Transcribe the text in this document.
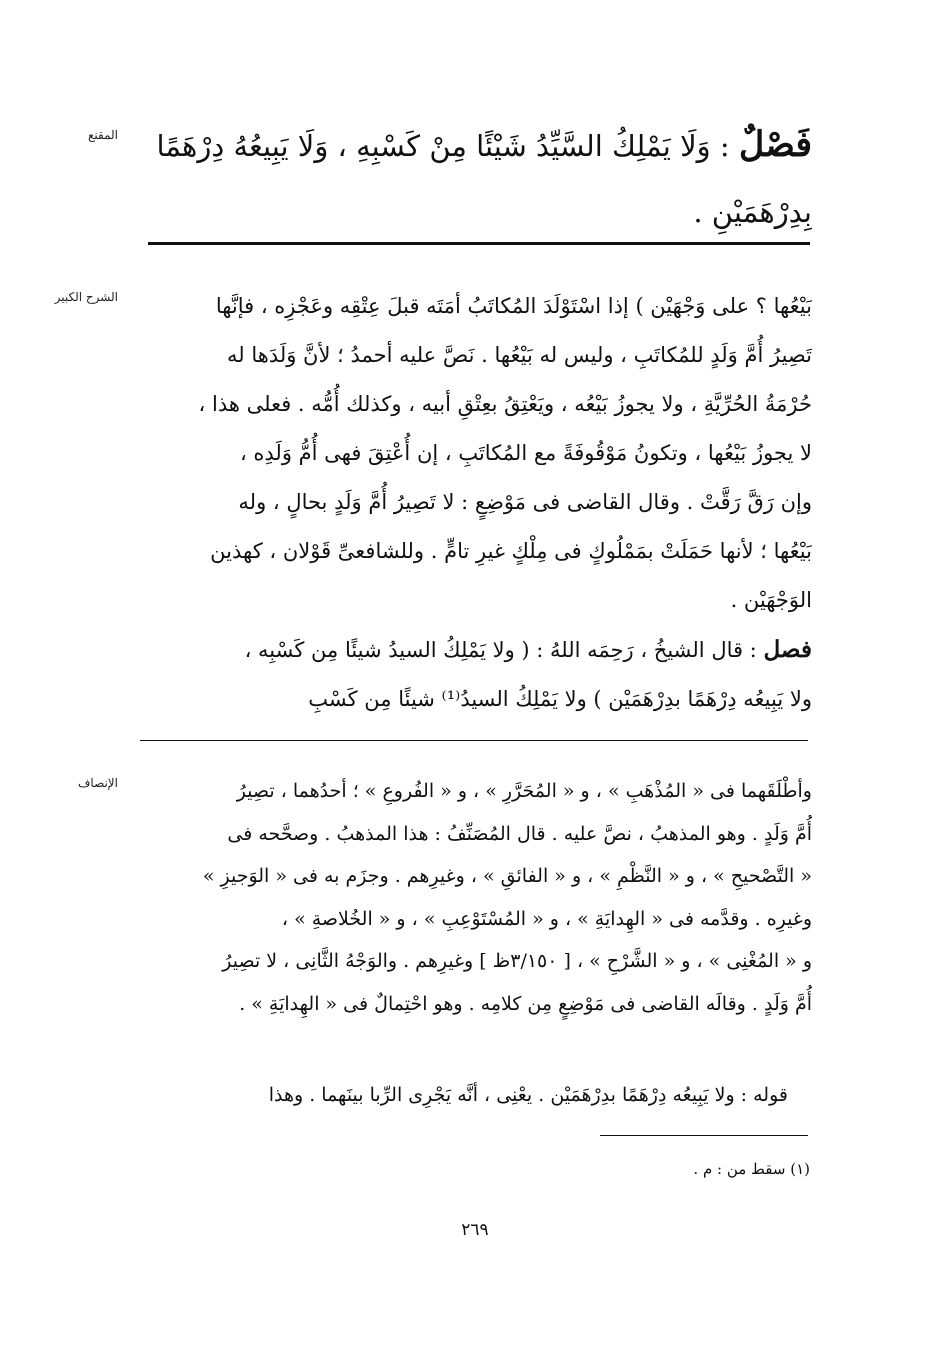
المقنع	فَصْلٌ : وَلَا يَمْلِكُ السَّيِّدُ شَيْئًا مِنْ كَسْبِهِ ، وَلَا يَبِيعُهُ دِرْهَمًا
بِدِرْهَمَيْنِ .
الشرح الكبير	بَيْعُها ؟ على وَجْهَيْن ) إذا اسْتَوْلَدَ المُكاتَبُ أمَتَه قبلَ عِتْقِه وعَجْزِه ، فإنَّها
تَصِيرُ أُمَّ وَلَدٍ للمُكاتَبِ ، وليس له بَيْعُها . نَصَّ عليه أحمدُ ؛ لأنَّ وَلَدَها له
حُرْمَةُ الحُرِّيَّةِ ، ولا يجوزُ بَيْعُه ، ويَعْتِقُ بعِتْقِ أبيه ، وكذلك أُمُّه . فعلى هذا ،
لا يجوزُ بَيْعُها ، وتكونُ مَوْقُوفَةً مع المُكاتَبِ ، إن أُعْتِقَ فهى أُمُّ وَلَدِه ،
وإن رَقَّ رَقَّتْ . وقال القاضى فى مَوْضِعٍ : لا تَصِيرُ أُمَّ وَلَدٍ بحالٍ ، وله
بَيْعُها ؛ لأنها حَمَلَتْ بمَمْلُوكٍ فى مِلْكٍ غيرِ تامٍّ . وللشافعىِّ قَوْلان ، كهذين
الوَجْهَيْن .
فصل : قال الشيخُ ، رَحِمَه اللهُ : ( ولا يَمْلِكُ السيدُ شيئًا مِن كَسْبِه ،
ولا يَبِيعُه دِرْهَمًا بدِرْهَمَيْن ) ولا يَمْلِكُ السيدُ⁽¹⁾ شيئًا مِن كَسْبِ
الإنصاف	وأطْلَقَهما فى « المُذْهَبِ » ، و « المُحَرَّرِ » ، و « الفُروعِ » ؛ أحدُهما ، تصِيرُ
أُمَّ وَلَدٍ . وهو المذهبُ ، نصَّ عليه . قال المُصَنِّفُ : هذا المذهبُ . وصحَّحه فى
« التَّصْحيحِ » ، و « النَّظْمِ » ، و « الفائقِ » ، وغيرِهم . وجزَم به فى « الوَجيزِ »
وغيرِه . وقدَّمه فى « الهِدايَةِ » ، و « المُسْتَوْعِبِ » ، و « الخُلاصةِ » ،
و « المُغْنِى » ، و « الشَّرْحِ » ، [ ٣/١٥٠ظ ] وغيرِهم . والوَجْهُ الثَّانِى ، لا تصِيرُ
أُمَّ وَلَدٍ . وقالَه القاضى فى مَوْضِعٍ مِن كلامِه . وهو احْتِمالٌ فى « الهِدايَةِ » .
قوله : ولا يَبِيعُه دِرْهَمًا بدِرْهَمَيْن . يعْنِى ، أنَّه يَجْرِى الرِّبا بينَهما . وهذا
(١) سقط من : م .
٢٦٩
